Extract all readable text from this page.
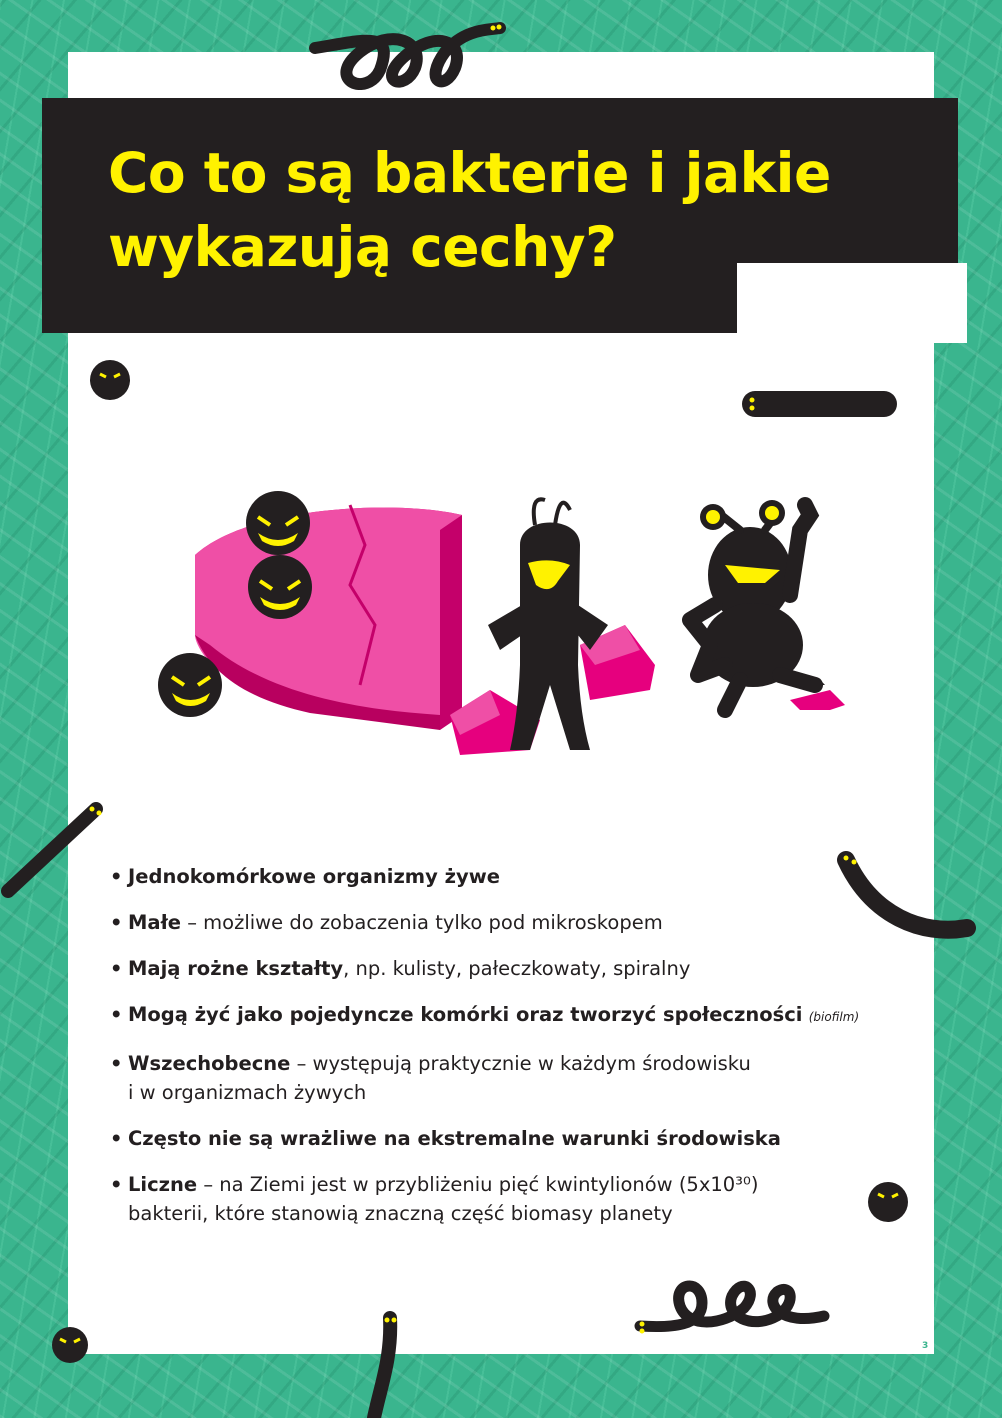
Co to są bakterie i jakie wykazują cechy?
• Jednokomórkowe organizmy żywe
• Małe – możliwe do zobaczenia tylko pod mikroskopem
• Mają rożne kształty, np. kulisty, pałeczkowaty, spiralny
• Mogą żyć jako pojedyncze komórki oraz tworzyć społeczności (biofilm)
• Wszechobecne – występują praktycznie w każdym środowisku
i w organizmach żywych
• Często nie są wrażliwe na ekstremalne warunki środowiska
• Liczne – na Ziemi jest w przybliżeniu pięć kwintylionów (5x10³⁰)
bakterii, które stanowią znaczną część biomasy planety
3
